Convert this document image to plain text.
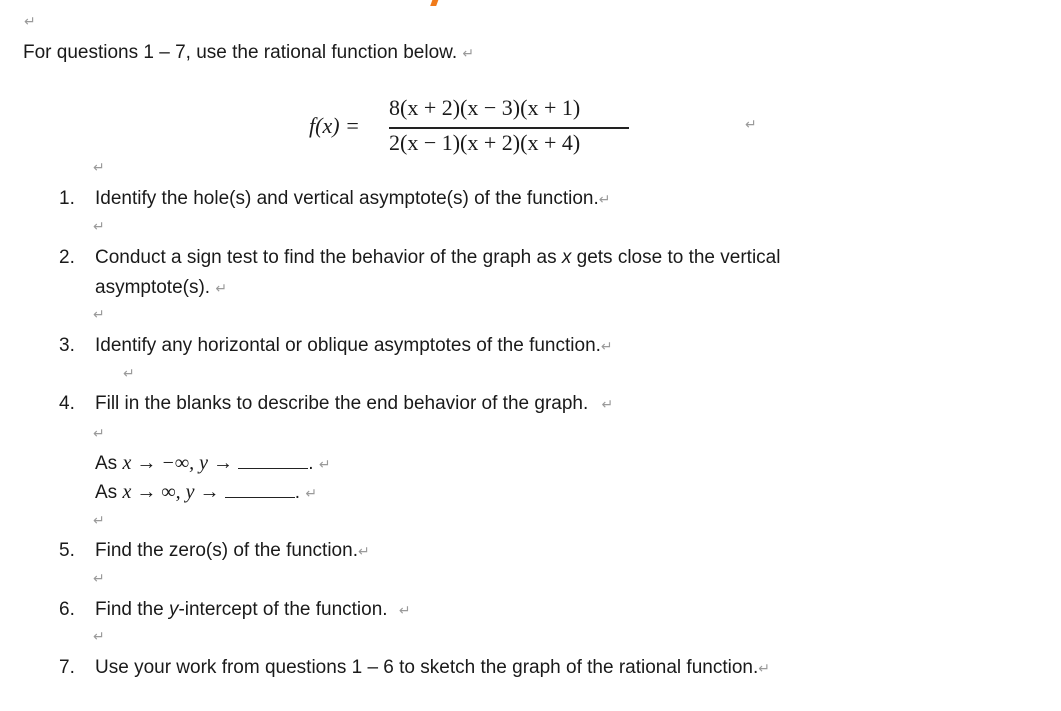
↵
For questions 1 – 7, use the rational function below. ↵
f(x) =
8(x + 2)(x − 3)(x + 1)
2(x − 1)(x + 2)(x + 4)
↵
↵
1. Identify the hole(s) and vertical asymptote(s) of the function.↵
↵
2. Conduct a sign test to find the behavior of the graph as x gets close to the vertical
asymptote(s). ↵
↵
3. Identify any horizontal or oblique asymptotes of the function.↵
↵
4. Fill in the blanks to describe the end behavior of the graph. ↵
↵
As x → −∞, y →	. ↵
As x → ∞, y →	. ↵
↵
5. Find the zero(s) of the function.↵
↵
6. Find the y-intercept of the function. ↵
↵
7. Use your work from questions 1 – 6 to sketch the graph of the rational function.↵
